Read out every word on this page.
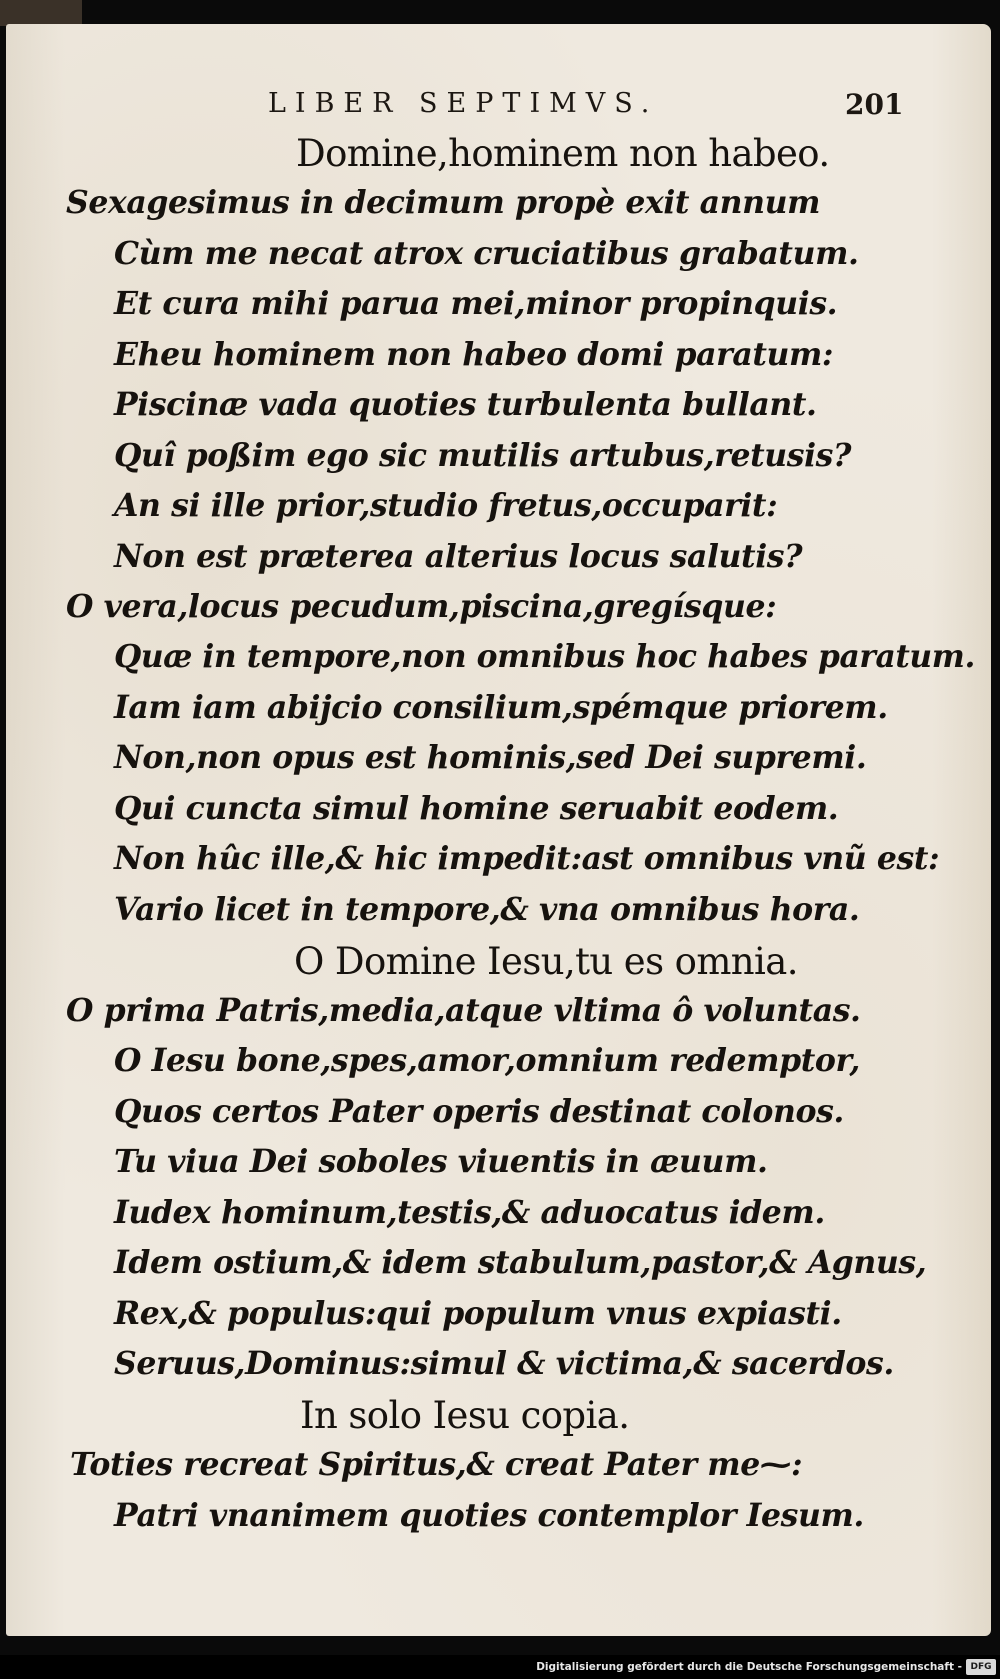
LIBER SEPTIMVS.	201
Domine,hominem non habeo.
Sexagesimus in decimum propè exit annum
Cùm me necat atrox cruciatibus grabatum.
Et cura mihi parua mei,minor propinquis.
Eheu hominem non habeo domi paratum:
Piscinæ vada quoties turbulenta bullant.
Quî poßim ego sic mutilis artubus,retusis?
An si ille prior,studio fretus,occuparit:
Non est præterea alterius locus salutis?
O vera,locus pecudum,piscina,gregísque:
Quæ in tempore,non omnibus hoc habes paratum.
Iam iam abijcio consilium,spémque priorem.
Non,non opus est hominis,sed Dei supremi.
Qui cuncta simul homine seruabit eodem.
Non hûc ille,& hic impedit:ast omnibus vnũ est:
Vario licet in tempore,& vna omnibus hora.
O Domine Iesu,tu es omnia.
O prima Patris,media,atque vltima ô voluntas.
O Iesu bone,spes,amor,omnium redemptor,
Quos certos Pater operis destinat colonos.
Tu viua Dei soboles viuentis in æuum.
Iudex hominum,testis,& aduocatus idem.
Idem ostium,& idem stabulum,pastor,& Agnus,
Rex,& populus:qui populum vnus expiasti.
Seruus,Dominus:simul & victima,& sacerdos.
In solo Iesu copia.
Toties recreat Spiritus,& creat Pater me⁓:
Patri vnanimem quoties contemplor Iesum.
Digitalisierung gefördert durch die Deutsche Forschungsgemeinschaft - DFG
